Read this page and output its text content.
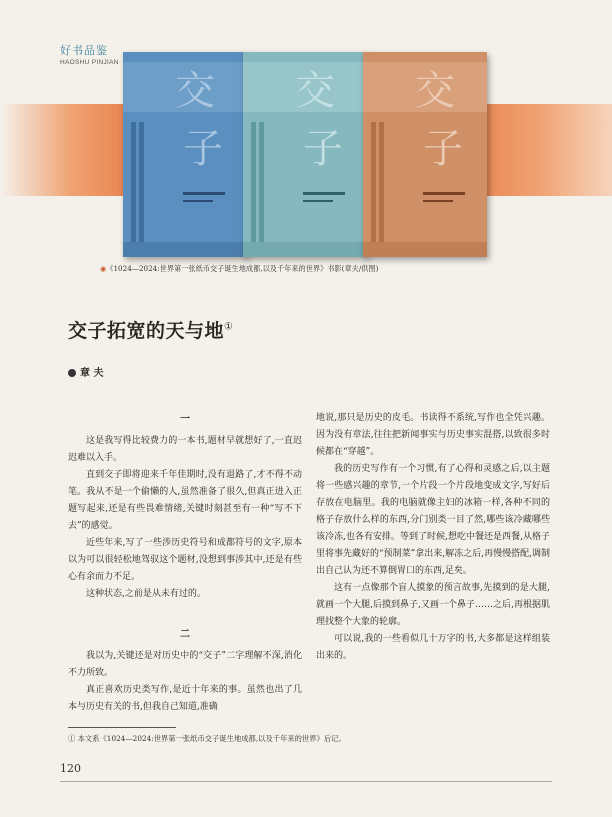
好书品鉴
HAOSHU PINJIAN
交
子
交
子
交
子
◉《1024—2024:世界第一张纸币交子诞生地成都,以及千年来的世界》书影(章夫/供图)
交子拓宽的天与地①
章 夫
一

这是我写得比较费力的一本书,题材早就想好了,一直迟迟难以入手。

直到交子即将迎来千年佳期时,没有退路了,才不得不动笔。我从不是一个偷懒的人,虽然准备了很久,但真正进入正题写起来,还是有些畏难情绪,关键时刻甚至有一种“写不下去”的感觉。

近些年来,写了一些涉历史符号和成都符号的文字,原本以为可以很轻松地驾驭这个题材,没想到事涉其中,还是有些心有余而力不足。

这种状态,之前是从未有过的。

二

我以为,关键还是对历史中的“交子”二字理解不深,消化不力所致。

真正喜欢历史类写作,是近十年来的事。虽然也出了几本与历史有关的书,但我自己知道,准确

地说,那只是历史的皮毛。书读得不系统,写作也全凭兴趣。因为没有章法,往往把新闻事实与历史事实混搭,以致很多时候都在“穿越”。

我的历史写作有一个习惯,有了心得和灵感之后,以主题将一些感兴趣的章节,一个片段一个片段地变成文字,写好后存放在电脑里。我的电脑就像主妇的冰箱一样,各种不同的格子存放什么样的东西,分门别类一目了然,哪些该冷藏哪些该冷冻,也各有安排。等到了时候,想吃中餐还是西餐,从格子里将事先藏好的“预制菜”拿出来,解冻之后,再慢慢搭配,调制出自己认为还不算倒胃口的东西,足矣。

这有一点像那个盲人摸象的预言故事,先摸到的是大腿,就画一个大腿,后摸到鼻子,又画一个鼻子……之后,再根据肌理找整个大象的轮廓。

可以说,我的一些看似几十万字的书,大多都是这样组装出来的。

① 本文系《1024—2024:世界第一张纸币交子诞生地成都,以及千年来的世界》后记。
120
